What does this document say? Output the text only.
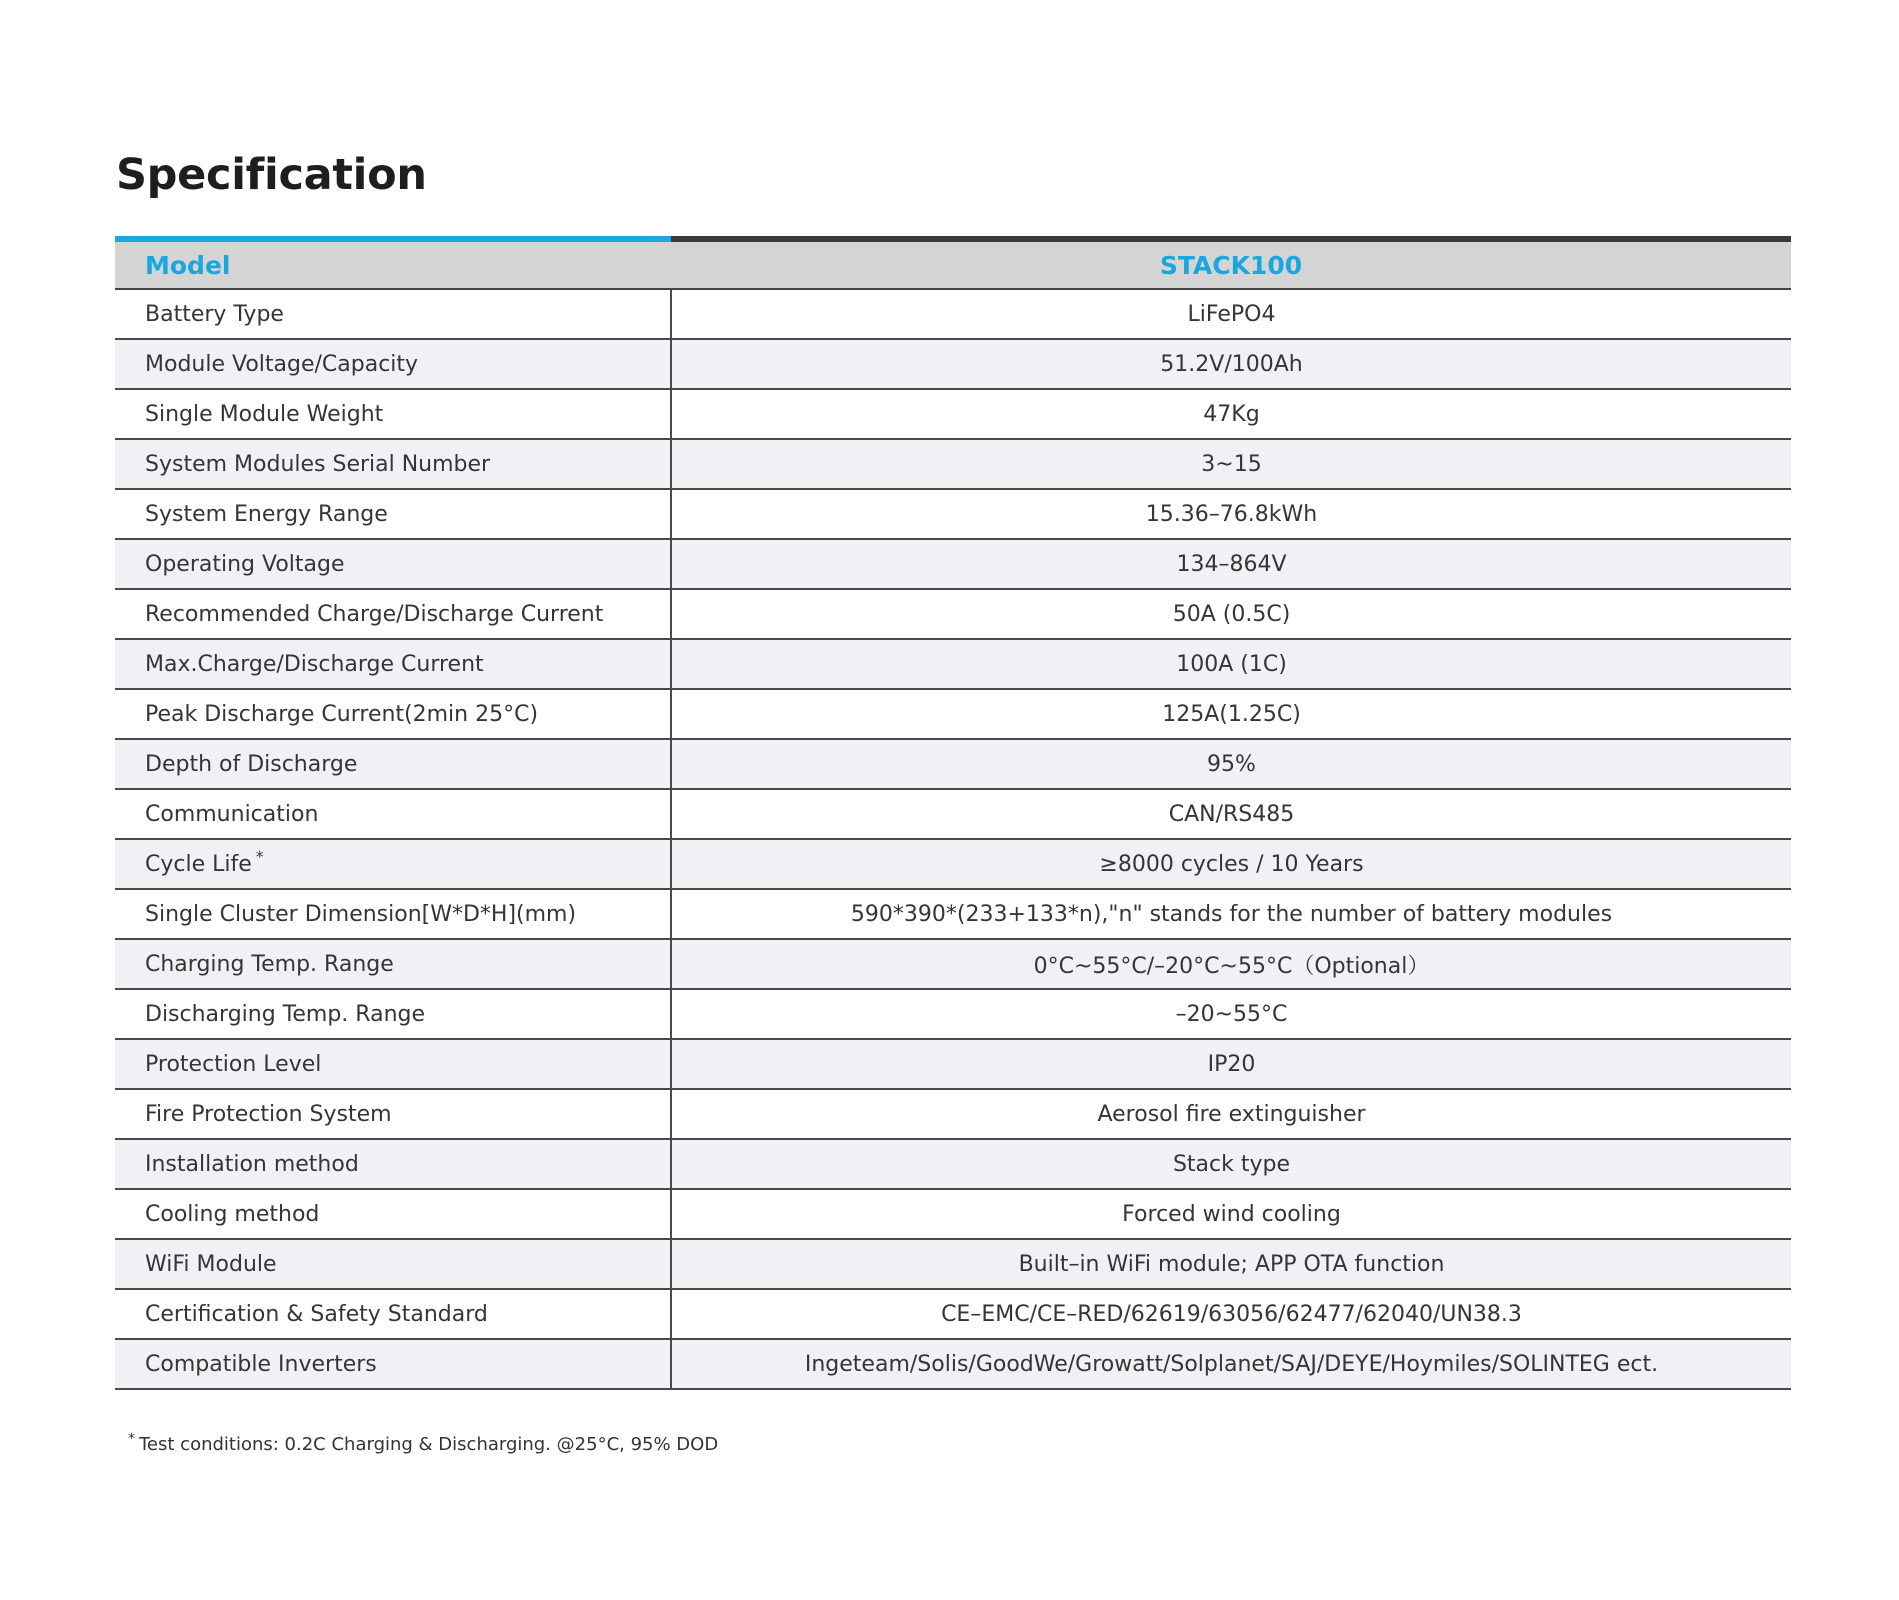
Specification
Model	STACK100
Battery Type	LiFePO4
Module Voltage/Capacity	51.2V/100Ah
Single Module Weight	47Kg
System Modules Serial Number	3~15
System Energy Range	15.36–76.8kWh
Operating Voltage	134–864V
Recommended Charge/Discharge Current	50A (0.5C)
Max.Charge/Discharge Current	100A (1C)
Peak Discharge Current(2min 25°C)	125A(1.25C)
Depth of Discharge	95%
Communication	CAN/RS485
Cycle Life *	≥8000 cycles / 10 Years
Single Cluster Dimension[W*D*H](mm)	590*390*(233+133*n),"n" stands for the number of battery modules
Charging Temp. Range	0°C~55°C/–20°C~55°C（Optional）
Discharging Temp. Range	–20~55°C
Protection Level	IP20
Fire Protection System	Aerosol fire extinguisher
Installation method	Stack type
Cooling method	Forced wind cooling
WiFi Module	Built–in WiFi module; APP OTA function
Certification & Safety Standard	CE–EMC/CE–RED/62619/63056/62477/62040/UN38.3
Compatible Inverters	Ingeteam/Solis/GoodWe/Growatt/Solplanet/SAJ/DEYE/Hoymiles/SOLINTEG ect.

* Test conditions: 0.2C Charging & Discharging. @25°C, 95% DOD
